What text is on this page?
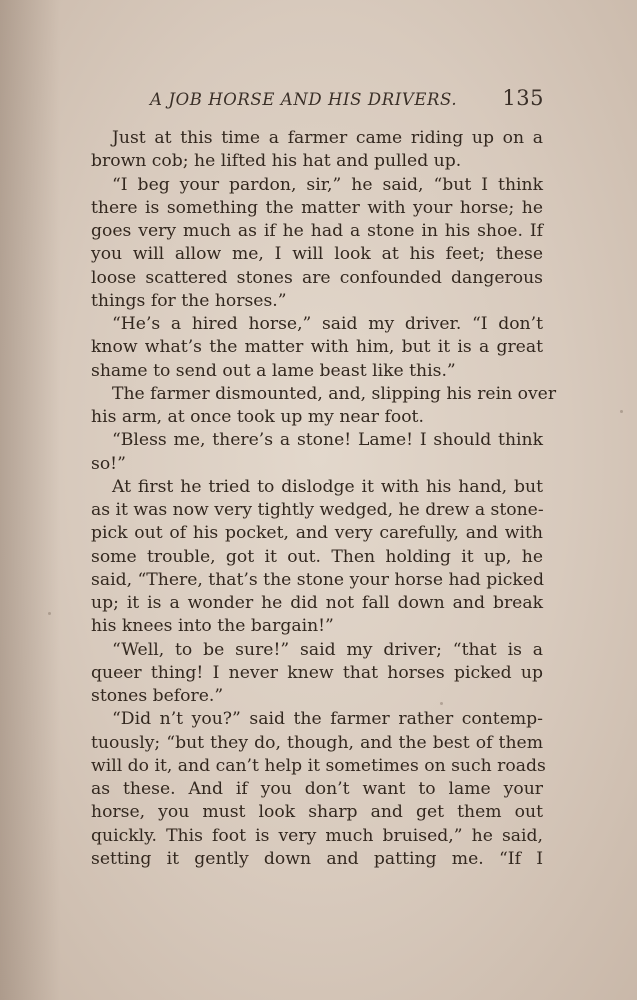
A JOB HORSE AND HIS DRIVERS. 135
Just at this time a farmer came riding up on a
brown cob; he lifted his hat and pulled up.
“I beg your pardon, sir,” he said, “but I think
there is something the matter with your horse; he
goes very much as if he had a stone in his shoe. If
you will allow me, I will look at his feet; these
loose scattered stones are confounded dangerous
things for the horses.”
“He’s a hired horse,” said my driver. “I don’t
know what’s the matter with him, but it is a great
shame to send out a lame beast like this.”
The farmer dismounted, and, slipping his rein over
his arm, at once took up my near foot.
“Bless me, there’s a stone! Lame! I should think
so!”
At first he tried to dislodge it with his hand, but
as it was now very tightly wedged, he drew a stone-
pick out of his pocket, and very carefully, and with
some trouble, got it out. Then holding it up, he
said, “There, that’s the stone your horse had picked
up; it is a wonder he did not fall down and break
his knees into the bargain!”
“Well, to be sure!” said my driver; “that is a
queer thing! I never knew that horses picked up
stones before.”
“Did n’t you?” said the farmer rather contemp-
tuously; “but they do, though, and the best of them
will do it, and can’t help it sometimes on such roads
as these. And if you don’t want to lame your
horse, you must look sharp and get them out
quickly. This foot is very much bruised,” he said,
setting it gently down and patting me. “If I
